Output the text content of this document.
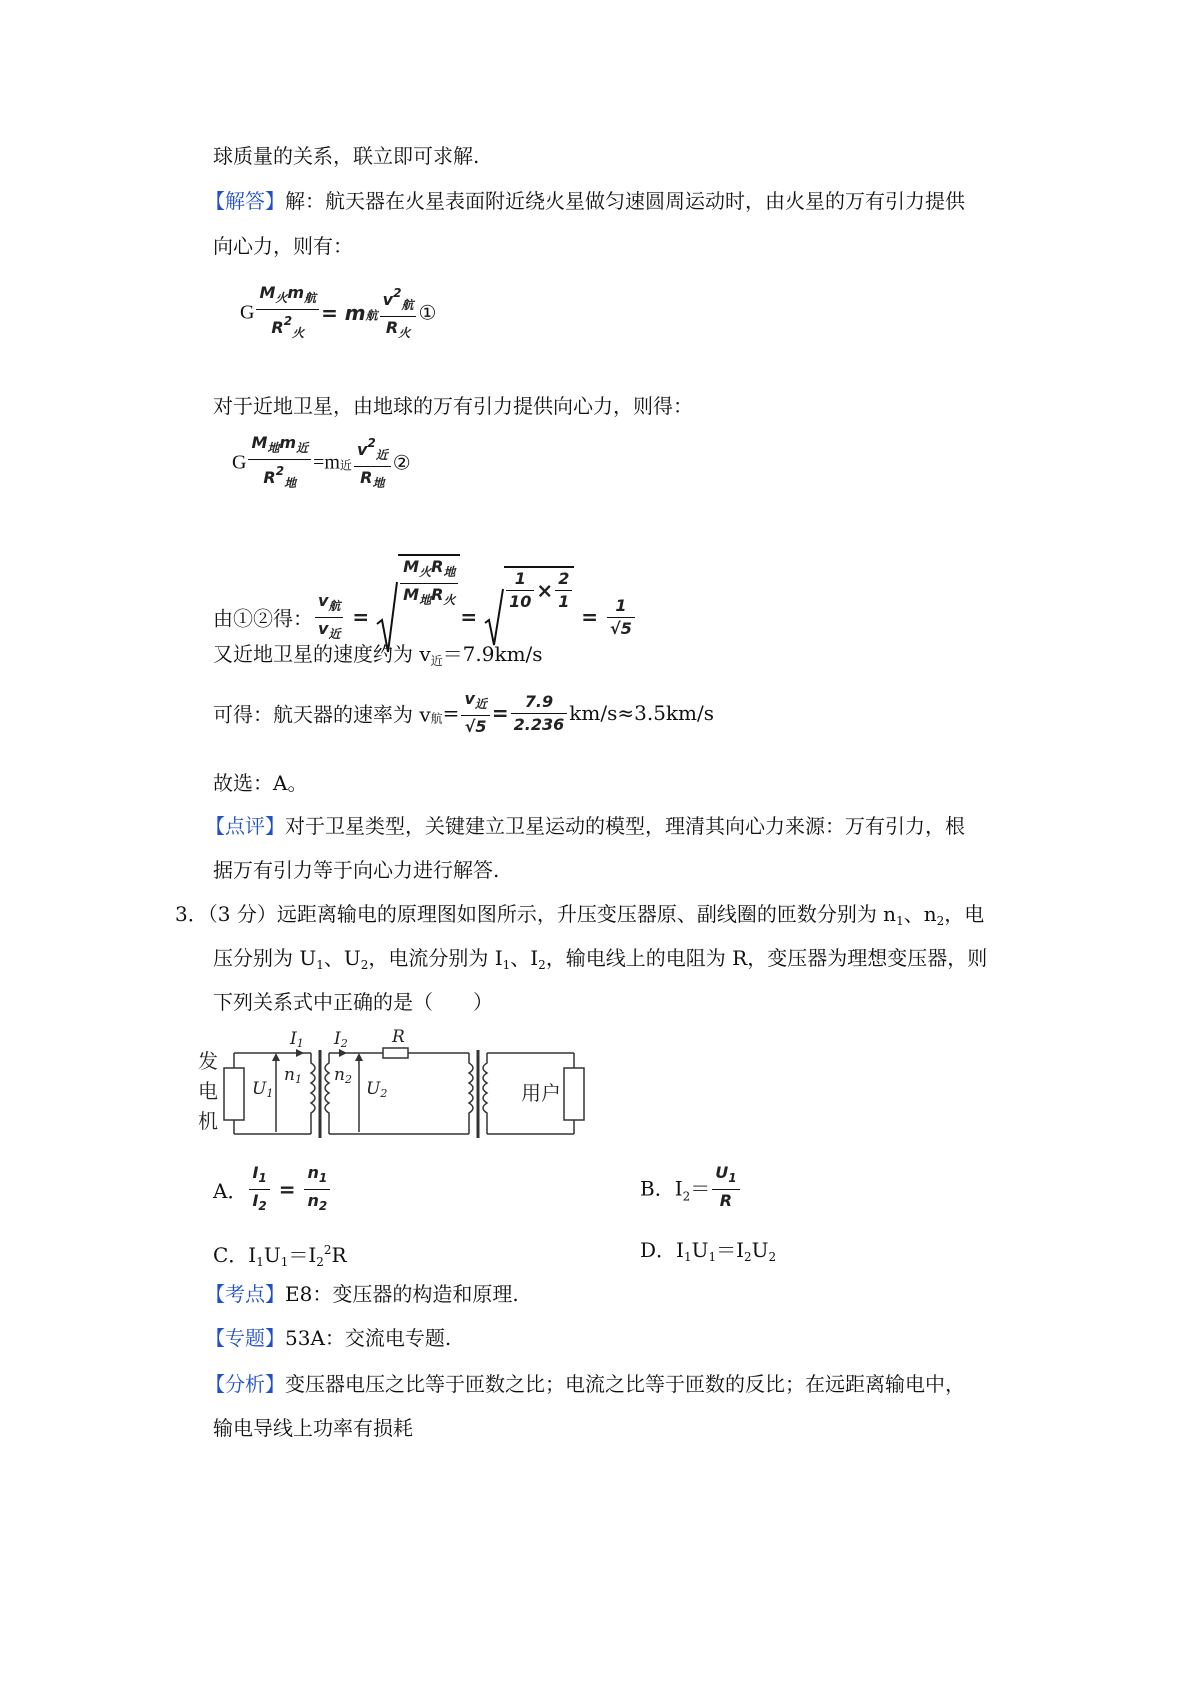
球质量的关系，联立即可求解.
【解答】解：航天器在火星表面附近绕火星做匀速圆周运动时，由火星的万有引力提供
向心力，则有：
G $\frac{M_火m_航}{R^2_火} = m$航 $\frac{v^2_航}{R_火}$ ①
对于近地卫星，由地球的万有引力提供向心力，则得：
G $\frac{M_地m_近}{R^2_地} =m$近 $\frac{v^2_近}{R_地}$ ②
由①②得： $\frac{v_航}{v_近}$ =
$\frac{M_火R_地}{M_地R_火}$
=
$\frac{1}{10} \times \frac{2}{1}$
= $\frac{1}{√5}$
又近地卫星的速度约为 $v_近=7.9km/s$
可得：航天器的速率为 $v_航= \frac{v_近}{√5} = \frac{7.9}{2.236} km/s\approx 3.5km/s$
故选：A。
【点评】对于卫星类型，关键建立卫星运动的模型，理清其向心力来源：万有引力，根
据万有引力等于向心力进行解答.
3．（3 分）远距离输电的原理图如图所示，升压变压器原、副线圈的匝数分别为 $n_1$、$n_2$，电
压分别为 $U_1$、$U_2$，电流分别为 $I_1$、$I_2$，输电线上的电阻为 R，变压器为理想变压器，则
下列关系式中正确的是（　　）
I1 I2	R
U1
n1 n2 U2
发
电
机
用户
A． $\frac{I_1}{I_2} = \frac{n_1}{n_2}$	B．$I_2= \frac{U_1}{R}$
C．$I_1U_1=I_2^2R$	D．$I_1U_1=I_2U_2$
【考点】E8：变压器的构造和原理.
【专题】53A：交流电专题.
【分析】变压器电压之比等于匝数之比；电流之比等于匝数的反比；在远距离输电中，
输电导线上功率有损耗
